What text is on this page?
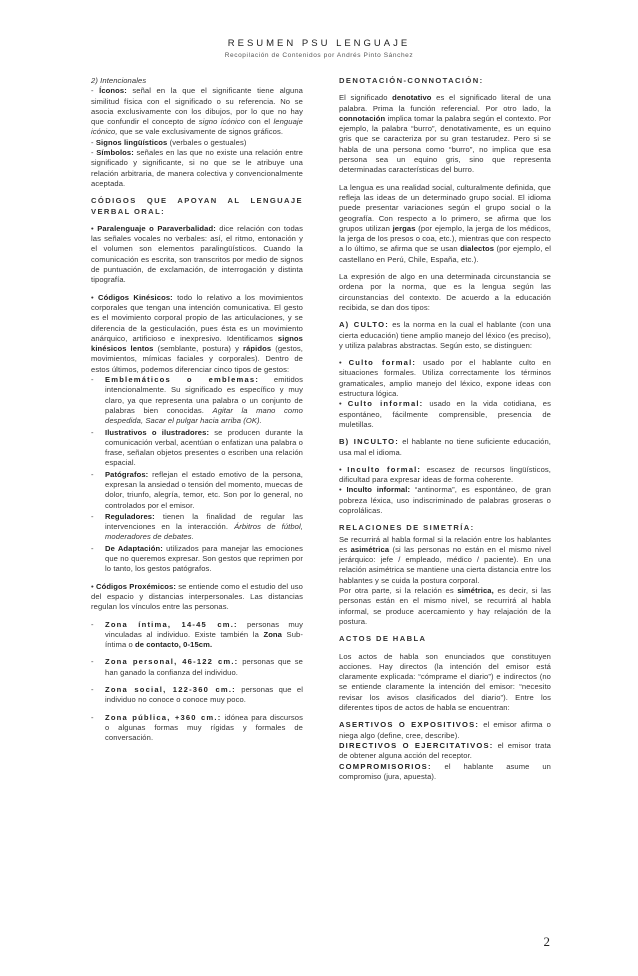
RESUMEN PSU LENGUAJE
Recopilación de Contenidos por Andrés Pinto Sánchez

2) Intencionales

- Íconos: señal en la que el significante tiene alguna similitud física con el significado o su referencia. No se asocia exclusivamente con los dibujos, por lo que no hay que confundir el concepto de signo icónico con el lenguaje icónico, que se vale exclusivamente de signos gráficos.

- Signos lingüísticos (verbales o gestuales)

- Símbolos: señales en las que no existe una relación entre significado y significante, si no que se le atribuye una relación arbitraria, de manera colectiva y convencionalmente aceptada.

CÓDIGOS QUE APOYAN AL LENGUAJE VERBAL ORAL:

• Paralenguaje o Paraverbalidad: dice relación con todas las señales vocales no verbales: así, el ritmo, entonación y el volumen son elementos paralingüísticos. Cuando la comunicación es escrita, son transcritos por medio de signos de puntuación, de exclamación, de interrogación y distinta tipografía.

• Códigos Kinésicos: todo lo relativo a los movimientos corporales que tengan una intención comunicativa. El gesto es el movimiento corporal propio de las articulaciones, y se diferencia de la gesticulación, pues ésta es un movimiento anárquico, artificioso e inexpresivo. Identificamos signos kinésicos lentos (semblante, postura) y rápidos (gestos, movimientos, mímicas faciales y corporales). Dentro de estos últimos, podemos diferenciar cinco tipos de gestos:

-	Emblemáticos o emblemas: emitidos intencionalmente. Su significado es específico y muy claro, ya que representa una palabra o un conjunto de palabras bien conocidas. Agitar la mano como despedida, Sacar el pulgar hacia arriba (OK).
-	Ilustrativos o ilustradores: se producen durante la comunicación verbal, acentúan o enfatizan una palabra o frase, señalan objetos presentes o escriben una relación espacial.
-	Patógrafos: reflejan el estado emotivo de la persona, expresan la ansiedad o tensión del momento, muecas de dolor, triunfo, alegría, temor, etc. Son por lo general, no controlados por el emisor.
-	Reguladores: tienen la finalidad de regular las intervenciones en la interacción. Árbitros de fútbol, moderadores de debates.
-	De Adaptación: utilizados para manejar las emociones que no queremos expresar. Son gestos que reprimen por lo tanto, los gestos patógrafos.

• Códigos Proxémicos: se entiende como el estudio del uso del espacio y distancias interpersonales. Las distancias regulan los vínculos entre las personas.

-	Zona íntima, 14-45 cm.: personas muy vinculadas al individuo. Existe también la Zona Sub-íntima o de contacto, 0-15cm.
-	Zona personal, 46-122 cm.: personas que se han ganado la confianza del individuo.
-	Zona social, 122-360 cm.: personas que el individuo no conoce o conoce muy poco.
-	Zona pública, +360 cm.: idónea para discursos o algunas formas muy rígidas y formales de conversación.

DENOTACIÓN-CONNOTACIÓN:

El significado denotativo es el significado literal de una palabra. Prima la función referencial. Por otro lado, la connotación implica tomar la palabra según el contexto. Por ejemplo, la palabra “burro”, denotativamente, es un equino gris que se caracteriza por su gran testarudez. Pero si se habla de una persona como “burro”, no implica que esa persona sea un equino gris, sino que representa determinadas características del burro.

La lengua es una realidad social, culturalmente definida, que refleja las ideas de un determinado grupo social. El idioma puede presentar variaciones según el grupo social o la geografía. Con respecto a lo primero, se afirma que los grupos utilizan jergas (por ejemplo, la jerga de los médicos, la jerga de los presos o coa, etc.), mientras que con respecto a lo último, se afirma que se usan dialectos (por ejemplo, el castellano en Perú, Chile, España, etc.).

La expresión de algo en una determinada circunstancia se ordena por la norma, que es la lengua según las circunstancias del contexto. De acuerdo a la educación recibida, se dan dos tipos:

A) CULTO: es la norma en la cual el hablante (con una cierta educación) tiene amplio manejo del léxico (es preciso), y utiliza palabras abstractas. Según esto, se distinguen:

• Culto formal: usado por el hablante culto en situaciones formales. Utiliza correctamente los términos gramaticales, amplio manejo del léxico, expone ideas con estructura lógica.

• Culto informal: usado en la vida cotidiana, es espontáneo, fácilmente comprensible, presencia de muletillas.

B) INCULTO: el hablante no tiene suficiente educación, usa mal el idioma.

• Inculto formal: escasez de recursos lingüísticos, dificultad para expresar ideas de forma coherente.

• Inculto informal: “antinorma”, es espontáneo, de gran pobreza léxica, uso indiscriminado de palabras groseras o coprolálicas.

RELACIONES DE SIMETRÍA:

Se recurrirá al habla formal si la relación entre los hablantes es asimétrica (si las personas no están en el mismo nivel jerárquico: jefe / empleado, médico / paciente). En una relación asimétrica se mantiene una cierta distancia entre los hablantes y se cuida la postura corporal.

Por otra parte, si la relación es simétrica, es decir, si las personas están en el mismo nivel, se recurrirá al habla informal, se produce acercamiento y hay relajación de la postura.

ACTOS DE HABLA

Los actos de habla son enunciados que constituyen acciones. Hay directos (la intención del emisor está claramente explicada: “cómprame el diario”) e indirectos (no se entiende claramente la intención del emisor: “necesito revisar los avisos clasificados del diario”). Entre los diferentes tipos de actos de habla se encuentran:

ASERTIVOS O EXPOSITIVOS: el emisor afirma o niega algo (define, cree, describe).

DIRECTIVOS O EJERCITATIVOS: el emisor trata de obtener alguna acción del receptor.

COMPROMISORIOS: el hablante asume un compromiso (jura, apuesta).

2
